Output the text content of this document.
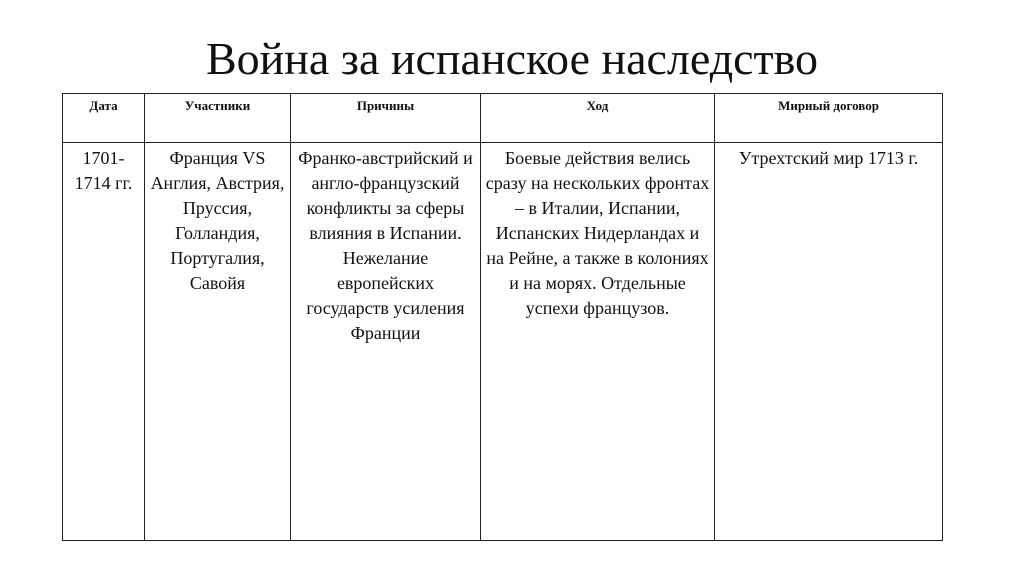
Война за испанское наследство
Дата	Участники	Причины	Ход	Мирный договор
1701-1714 гг.	Франция VS Англия, Австрия, Пруссия, Голландия, Португалия, Савойя	Франко-австрийский и англо-французский конфликты за сферы влияния в Испании. Нежелание европейских государств усиления Франции	Боевые действия велись сразу на нескольких фронтах – в Италии, Испании, Испанских Нидерландах и на Рейне, а также в колониях и на морях. Отдельные успехи французов.	Утрехтский мир 1713 г.
